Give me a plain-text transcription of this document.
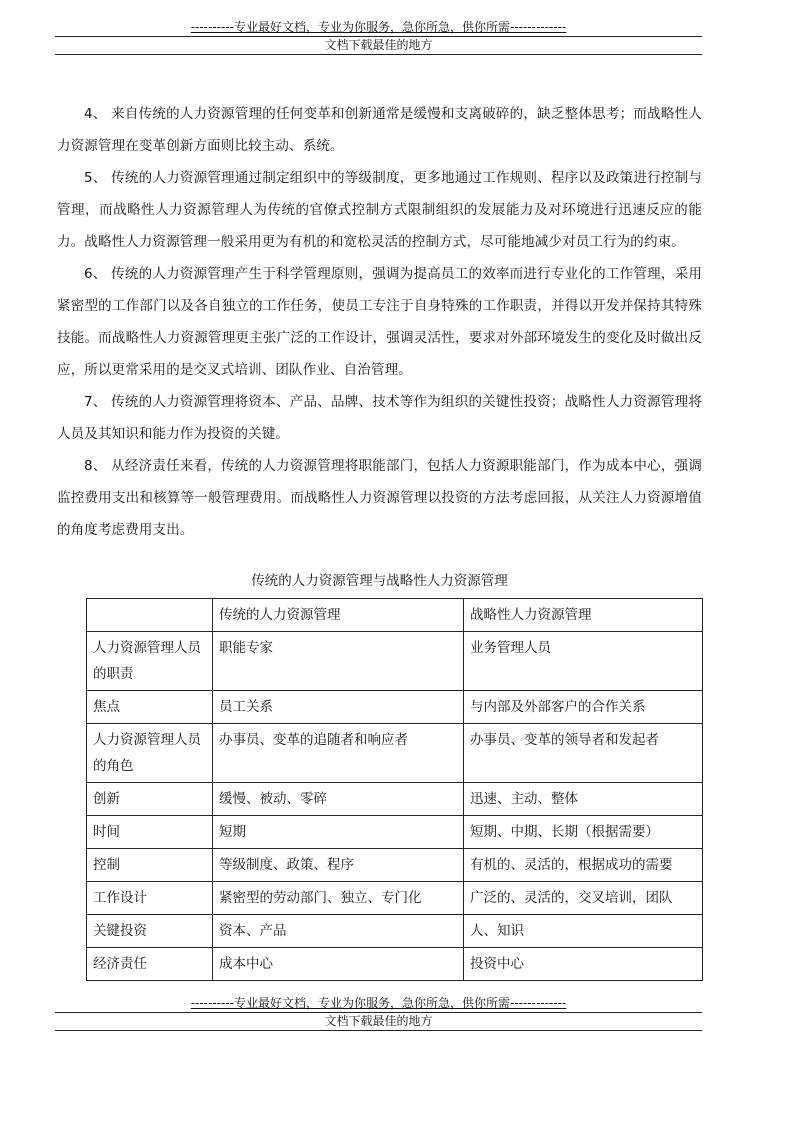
----------专业最好文档，专业为你服务，急你所急，供你所需-------------
文档下载最佳的地方

4、 来自传统的人力资源管理的任何变革和创新通常是缓慢和支离破碎的，缺乏整体思考；而战略性人力资源管理在变革创新方面则比较主动、系统。

5、 传统的人力资源管理通过制定组织中的等级制度，更多地通过工作规则、程序以及政策进行控制与管理，而战略性人力资源管理人为传统的官僚式控制方式限制组织的发展能力及对环境进行迅速反应的能力。战略性人力资源管理一般采用更为有机的和宽松灵活的控制方式，尽可能地减少对员工行为的约束。

6、 传统的人力资源管理产生于科学管理原则，强调为提高员工的效率而进行专业化的工作管理，采用紧密型的工作部门以及各自独立的工作任务，使员工专注于自身特殊的工作职责，并得以开发并保持其特殊技能。而战略性人力资源管理更主张广泛的工作设计，强调灵活性，要求对外部环境发生的变化及时做出反应，所以更常采用的是交叉式培训、团队作业、自治管理。

7、 传统的人力资源管理将资本、产品、品牌、技术等作为组织的关键性投资；战略性人力资源管理将人员及其知识和能力作为投资的关键。

8、 从经济责任来看，传统的人力资源管理将职能部门，包括人力资源职能部门，作为成本中心，强调监控费用支出和核算等一般管理费用。而战略性人力资源管理以投资的方法考虑回报，从关注人力资源增值的角度考虑费用支出。

传统的人力资源管理与战略性人力资源管理
	传统的人力资源管理	战略性人力资源管理
人力资源管理人员的职责	职能专家	业务管理人员
焦点	员工关系	与内部及外部客户的合作关系
人力资源管理人员的角色	办事员、变革的追随者和响应者	办事员、变革的领导者和发起者
创新	缓慢、被动、零碎	迅速、主动、整体
时间	短期	短期、中期、长期（根据需要）
控制	等级制度、政策、程序	有机的、灵活的，根据成功的需要
工作设计	紧密型的劳动部门、独立、专门化	广泛的、灵活的，交叉培训，团队
关键投资	资本、产品	人、知识
经济责任	成本中心	投资中心
----------专业最好文档，专业为你服务，急你所急，供你所需-------------
文档下载最佳的地方
